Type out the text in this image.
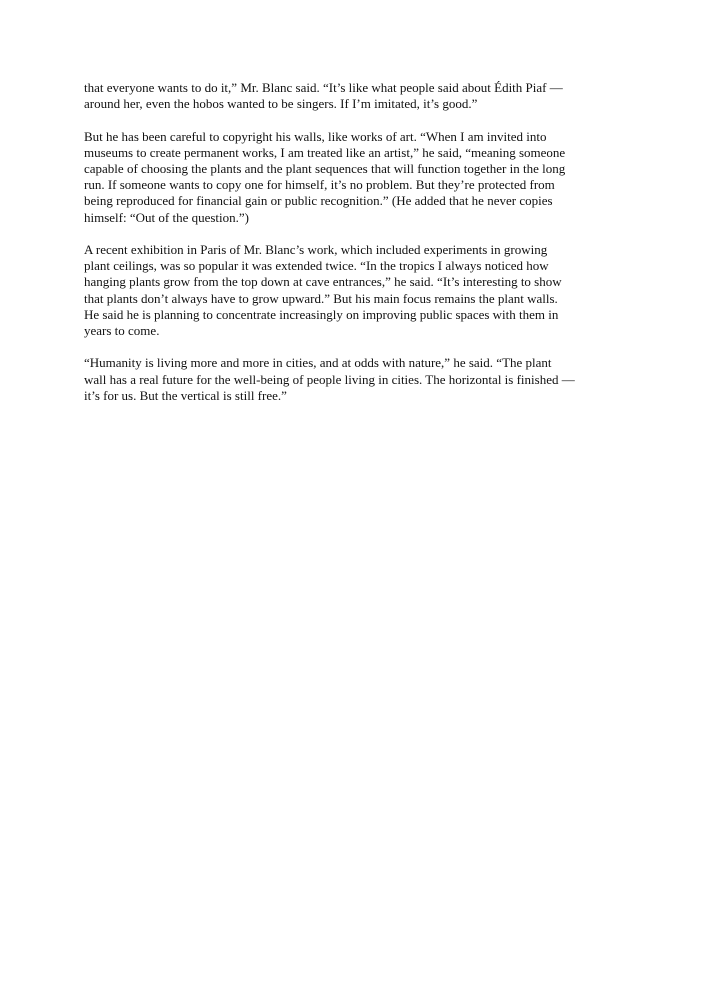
that everyone wants to do it,” Mr. Blanc said. “It’s like what people said about Édith Piaf —
around her, even the hobos wanted to be singers. If I’m imitated, it’s good.”

But he has been careful to copyright his walls, like works of art. “When I am invited into
museums to create permanent works, I am treated like an artist,” he said, “meaning someone
capable of choosing the plants and the plant sequences that will function together in the long
run. If someone wants to copy one for himself, it’s no problem. But they’re protected from
being reproduced for financial gain or public recognition.” (He added that he never copies
himself: “Out of the question.”)

A recent exhibition in Paris of Mr. Blanc’s work, which included experiments in growing
plant ceilings, was so popular it was extended twice. “In the tropics I always noticed how
hanging plants grow from the top down at cave entrances,” he said. “It’s interesting to show
that plants don’t always have to grow upward.” But his main focus remains the plant walls.
He said he is planning to concentrate increasingly on improving public spaces with them in
years to come.

“Humanity is living more and more in cities, and at odds with nature,” he said. “The plant
wall has a real future for the well-being of people living in cities. The horizontal is finished —
it’s for us. But the vertical is still free.”
